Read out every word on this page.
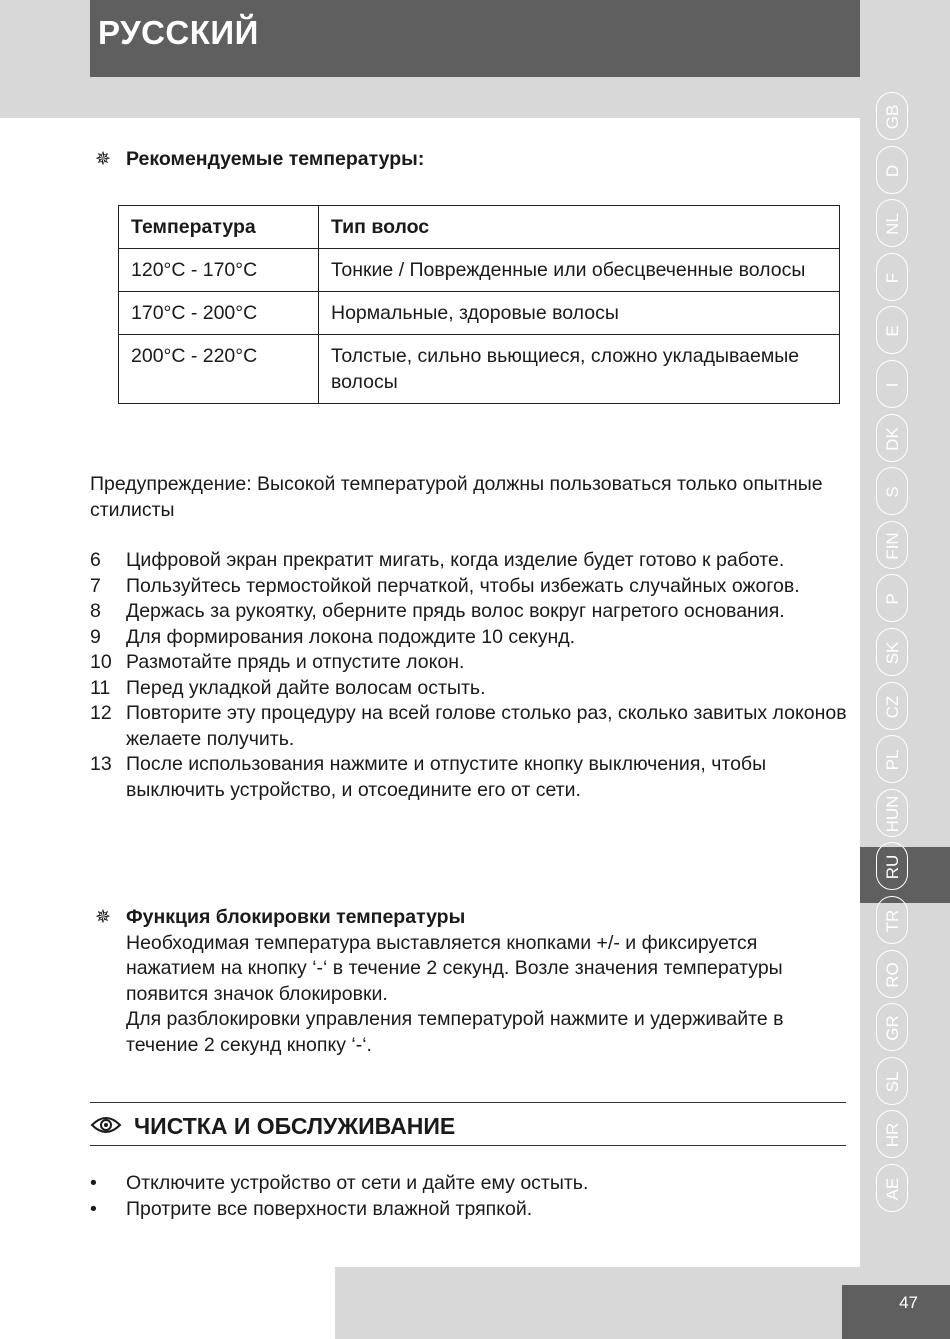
РУССКИЙ
✵ Рекомендуемые температуры:
Температура	Тип волос
120°C - 170°C	Тонкие / Поврежденные или обесцвеченные волосы
170°C - 200°C	Нормальные, здоровые волосы
200°C - 220°C	Толстые, сильно вьющиеся, сложно укладываемые волосы
Предупреждение: Высокой температурой должны пользоваться только опытные стилисты
6 Цифровой экран прекратит мигать, когда изделие будет готово к работе.
7 Пользуйтесь термостойкой перчаткой, чтобы избежать случайных ожогов.
8 Держась за рукоятку, оберните прядь волос вокруг нагретого основания.
9 Для формирования локона подождите 10 секунд.
10 Размотайте прядь и отпустите локон.
11 Перед укладкой дайте волосам остыть.
12 Повторите эту процедуру на всей голове столько раз, сколько завитых локонов желаете получить.
13 После использования нажмите и отпустите кнопку выключения, чтобы выключить устройство, и отсоедините его от сети.
✵ Функция блокировки температуры
Необходимая температура выставляется кнопками +/- и фиксируется нажатием на кнопку ‘-‘ в течение 2 секунд. Возле значения температуры появится значок блокировки.
Для разблокировки управления температурой нажмите и удерживайте в течение 2 секунд кнопку ‘-‘.
ЧИСТКА И ОБСЛУЖИВАНИЕ
• Отключите устройство от сети и дайте ему остыть.
• Протрите все поверхности влажной тряпкой.
GB
D
NL
F
E
I
DK
S
FIN
P
SK
CZ
PL
HUN
RU
TR
RO
GR
SL
HR
AE
47
